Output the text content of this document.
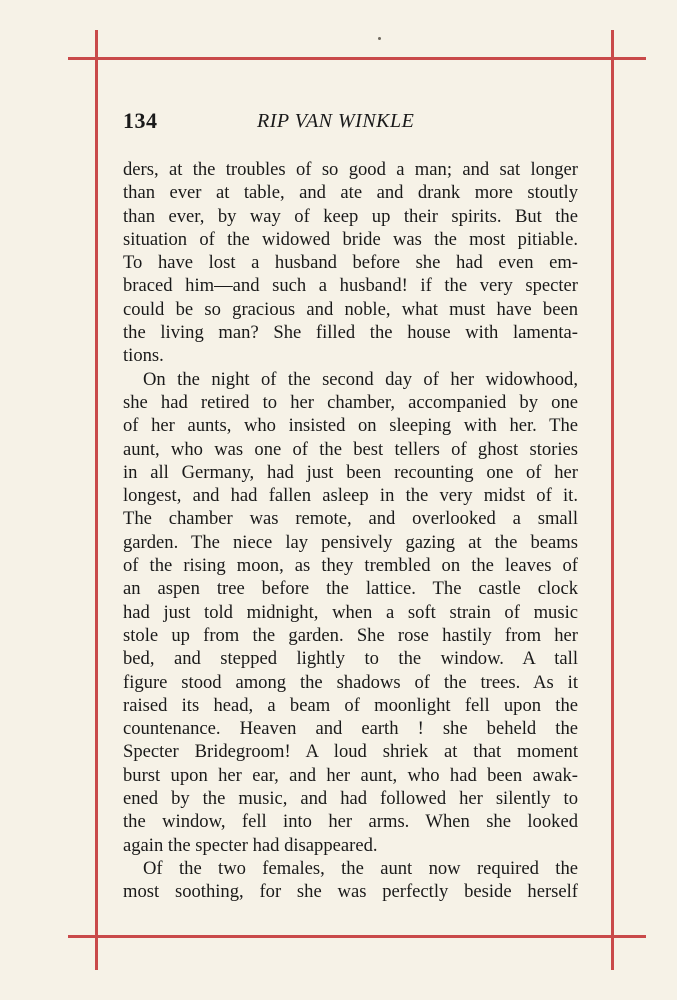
134	RIP VAN WINKLE
ders, at the troubles of so good a man; and sat longer
than ever at table, and ate and drank more stoutly
than ever, by way of keep up their spirits. But the
situation of the widowed bride was the most pitiable.
To have lost a husband before she had even em-
braced him—and such a husband! if the very specter
could be so gracious and noble, what must have been
the living man? She filled the house with lamenta-
tions.
On the night of the second day of her widowhood,
she had retired to her chamber, accompanied by one
of her aunts, who insisted on sleeping with her. The
aunt, who was one of the best tellers of ghost stories
in all Germany, had just been recounting one of her
longest, and had fallen asleep in the very midst of it.
The chamber was remote, and overlooked a small
garden. The niece lay pensively gazing at the beams
of the rising moon, as they trembled on the leaves of
an aspen tree before the lattice. The castle clock
had just told midnight, when a soft strain of music
stole up from the garden. She rose hastily from her
bed, and stepped lightly to the window. A tall
figure stood among the shadows of the trees. As it
raised its head, a beam of moonlight fell upon the
countenance. Heaven and earth ! she beheld the
Specter Bridegroom! A loud shriek at that moment
burst upon her ear, and her aunt, who had been awak-
ened by the music, and had followed her silently to
the window, fell into her arms. When she looked
again the specter had disappeared.
Of the two females, the aunt now required the
most soothing, for she was perfectly beside herself
